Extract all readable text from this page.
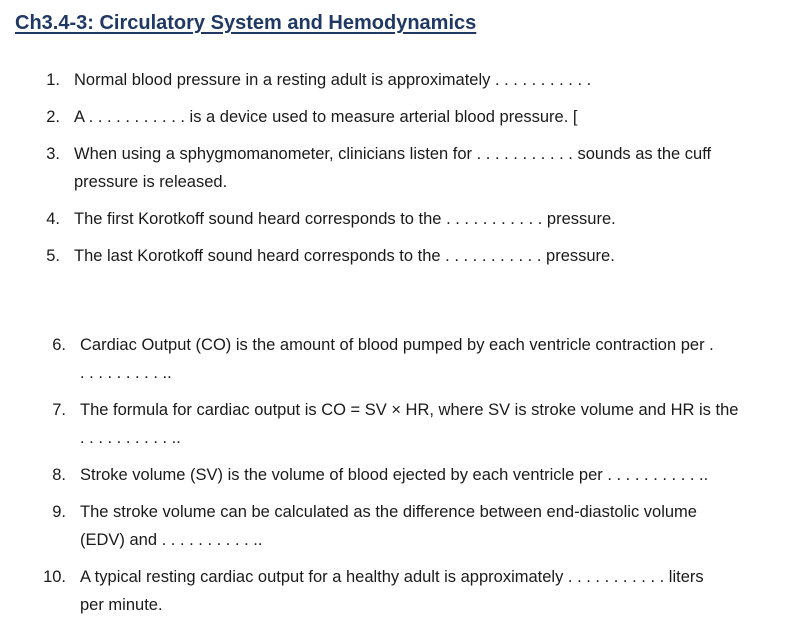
Ch3.4-3: Circulatory System and Hemodynamics
1. Normal blood pressure in a resting adult is approximately . . . . . . . . . . .
2. A . . . . . . . . . . . is a device used to measure arterial blood pressure. [
3. When using a sphygmomanometer, clinicians listen for . . . . . . . . . . . sounds as the cuff
pressure is released.
4. The first Korotkoff sound heard corresponds to the . . . . . . . . . . . pressure.
5. The last Korotkoff sound heard corresponds to the . . . . . . . . . . . pressure.
6. Cardiac Output (CO) is the amount of blood pumped by each ventricle contraction per .
. . . . . . . . . ..
7. The formula for cardiac output is CO = SV × HR, where SV is stroke volume and HR is the
. . . . . . . . . . ..
8. Stroke volume (SV) is the volume of blood ejected by each ventricle per . . . . . . . . . . ..
9. The stroke volume can be calculated as the difference between end-diastolic volume
(EDV) and . . . . . . . . . . ..
10. A typical resting cardiac output for a healthy adult is approximately . . . . . . . . . . . liters
per minute.
